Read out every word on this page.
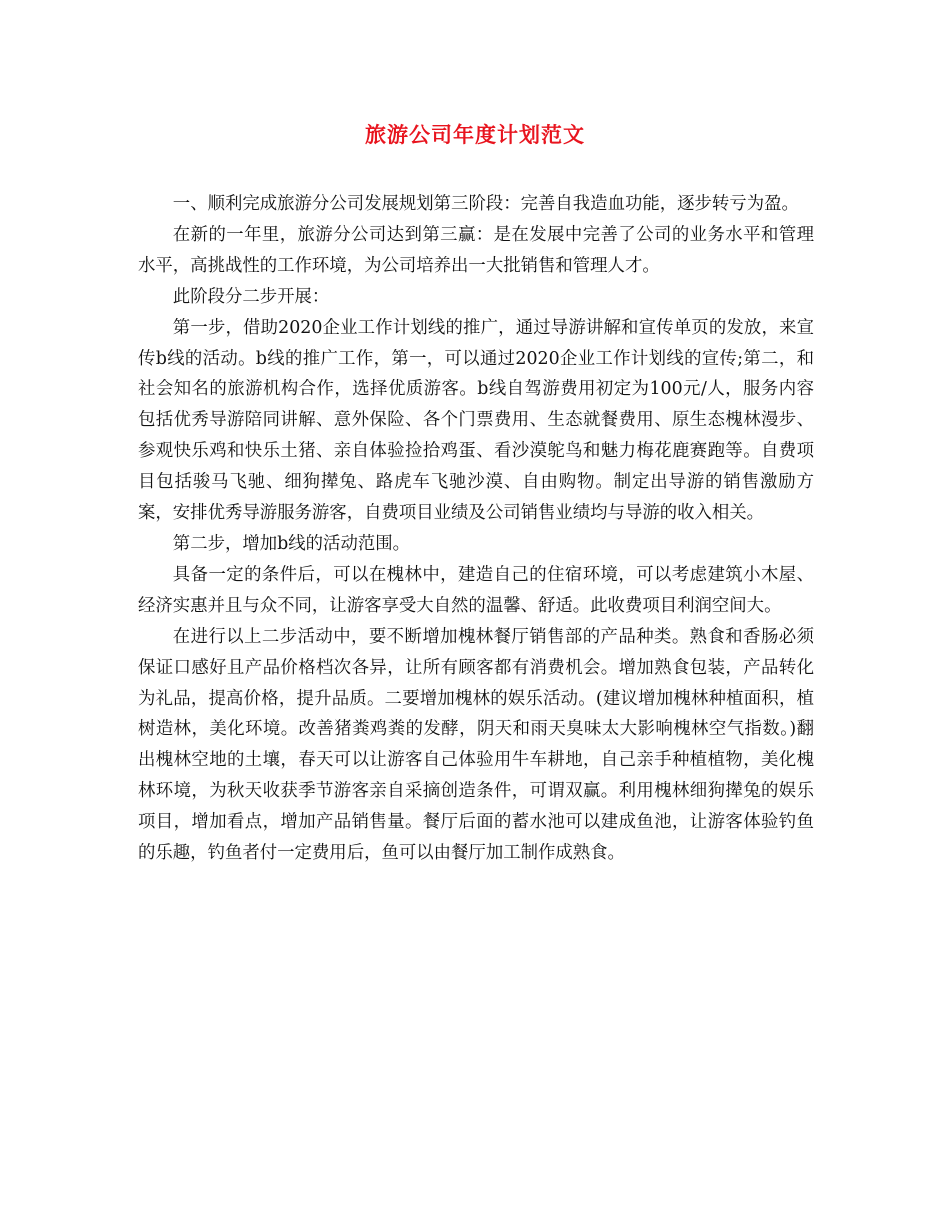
旅游公司年度计划范文

一、顺利完成旅游分公司发展规划第三阶段：完善自我造血功能，逐步转亏为盈。

在新的一年里，旅游分公司达到第三赢：是在发展中完善了公司的业务水平和管理水平，高挑战性的工作环境，为公司培养出一大批销售和管理人才。

此阶段分二步开展：

第一步，借助2020企业工作计划线的推广，通过导游讲解和宣传单页的发放，来宣传b线的活动。b线的推广工作，第一，可以通过2020企业工作计划线的宣传;第二，和社会知名的旅游机构合作，选择优质游客。b线自驾游费用初定为100元/人，服务内容包括优秀导游陪同讲解、意外保险、各个门票费用、生态就餐费用、原生态槐林漫步、参观快乐鸡和快乐土猪、亲自体验捡拾鸡蛋、看沙漠鸵鸟和魅力梅花鹿赛跑等。自费项目包括骏马飞驰、细狗撵兔、路虎车飞驰沙漠、自由购物。制定出导游的销售激励方案，安排优秀导游服务游客，自费项目业绩及公司销售业绩均与导游的收入相关。

第二步，增加b线的活动范围。

具备一定的条件后，可以在槐林中，建造自己的住宿环境，可以考虑建筑小木屋、经济实惠并且与众不同，让游客享受大自然的温馨、舒适。此收费项目利润空间大。

在进行以上二步活动中，要不断增加槐林餐厅销售部的产品种类。熟食和香肠必须保证口感好且产品价格档次各异，让所有顾客都有消费机会。增加熟食包装，产品转化为礼品，提高价格，提升品质。二要增加槐林的娱乐活动。(建议增加槐林种植面积，植树造林，美化环境。改善猪粪鸡粪的发酵，阴天和雨天臭味太大影响槐林空气指数。)翻出槐林空地的土壤，春天可以让游客自己体验用牛车耕地，自己亲手种植植物，美化槐林环境，为秋天收获季节游客亲自采摘创造条件，可谓双赢。利用槐林细狗撵兔的娱乐项目，增加看点，增加产品销售量。餐厅后面的蓄水池可以建成鱼池，让游客体验钓鱼的乐趣，钓鱼者付一定费用后，鱼可以由餐厅加工制作成熟食。
